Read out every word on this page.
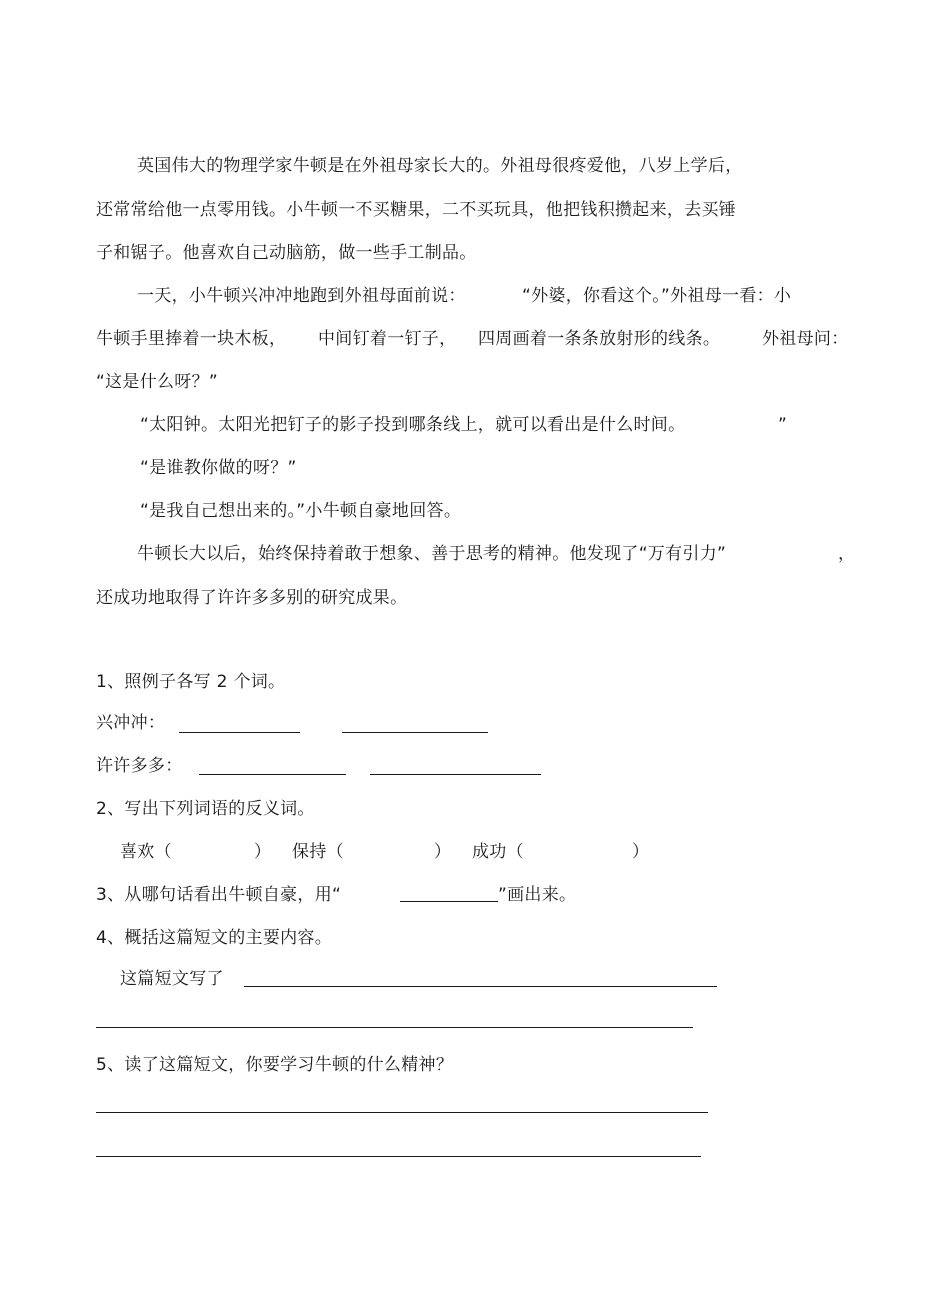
英国伟大的物理学家牛顿是在外祖母家长大的。外祖母很疼爱他，八岁上学后，
还常常给他一点零用钱。小牛顿一不买糖果，二不买玩具，他把钱积攒起来，去买锤
子和锯子。他喜欢自己动脑筋，做一些手工制品。
一天，小牛顿兴冲冲地跑到外祖母面前说：	“外婆，你看这个。”外祖母一看：小
牛顿手里捧着一块木板， 中间钉着一钉子， 四周画着一条条放射形的线条。 外祖母问：
“这是什么呀？”
“太阳钟。太阳光把钉子的影子投到哪条线上，就可以看出是什么时间。	”
“是谁教你做的呀？”
“是我自己想出来的。”小牛顿自豪地回答。
牛顿长大以后，始终保持着敢于想象、善于思考的精神。他发现了“万有引力”	，
还成功地取得了许许多多别的研究成果。
1、照例子各写 2 个词。
兴冲冲：
许许多多：
2、写出下列词语的反义词。
喜欢（	） 保持（	） 成功（	）
3、从哪句话看出牛顿自豪，用“	”画出来。
4、概括这篇短文的主要内容。
这篇短文写了
5、读了这篇短文，你要学习牛顿的什么精神？
